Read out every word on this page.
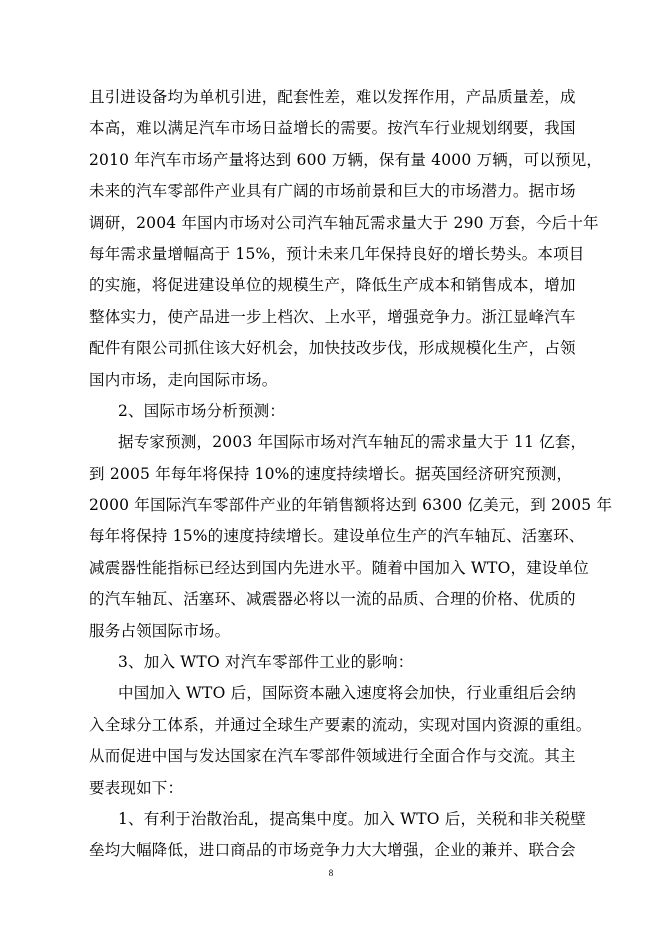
且引进设备均为单机引进，配套性差，难以发挥作用，产品质量差，成
本高，难以满足汽车市场日益增长的需要。按汽车行业规划纲要，我国
2010 年汽车市场产量将达到 600 万辆，保有量 4000 万辆，可以预见，
未来的汽车零部件产业具有广阔的市场前景和巨大的市场潜力。据市场
调研，2004 年国内市场对公司汽车轴瓦需求量大于 290 万套，今后十年
每年需求量增幅高于 15%，预计未来几年保持良好的增长势头。本项目
的实施，将促进建设单位的规模生产，降低生产成本和销售成本，增加
整体实力，使产品进一步上档次、上水平，增强竞争力。浙江显峰汽车
配件有限公司抓住该大好机会，加快技改步伐，形成规模化生产，占领
国内市场，走向国际市场。
2、国际市场分析预测：
据专家预测，2003 年国际市场对汽车轴瓦的需求量大于 11 亿套，
到 2005 年每年将保持 10%的速度持续增长。据英国经济研究预测，
2000 年国际汽车零部件产业的年销售额将达到 6300 亿美元，到 2005 年
每年将保持 15%的速度持续增长。建设单位生产的汽车轴瓦、活塞环、
减震器性能指标已经达到国内先进水平。随着中国加入 WTO，建设单位
的汽车轴瓦、活塞环、减震器必将以一流的品质、合理的价格、优质的
服务占领国际市场。
3、加入 WTO 对汽车零部件工业的影响：
中国加入 WTO 后，国际资本融入速度将会加快，行业重组后会纳
入全球分工体系，并通过全球生产要素的流动，实现对国内资源的重组。
从而促进中国与发达国家在汽车零部件领域进行全面合作与交流。其主
要表现如下：
1、有利于治散治乱，提高集中度。加入 WTO 后，关税和非关税壁
垒均大幅降低，进口商品的市场竞争力大大增强，企业的兼并、联合会
8
